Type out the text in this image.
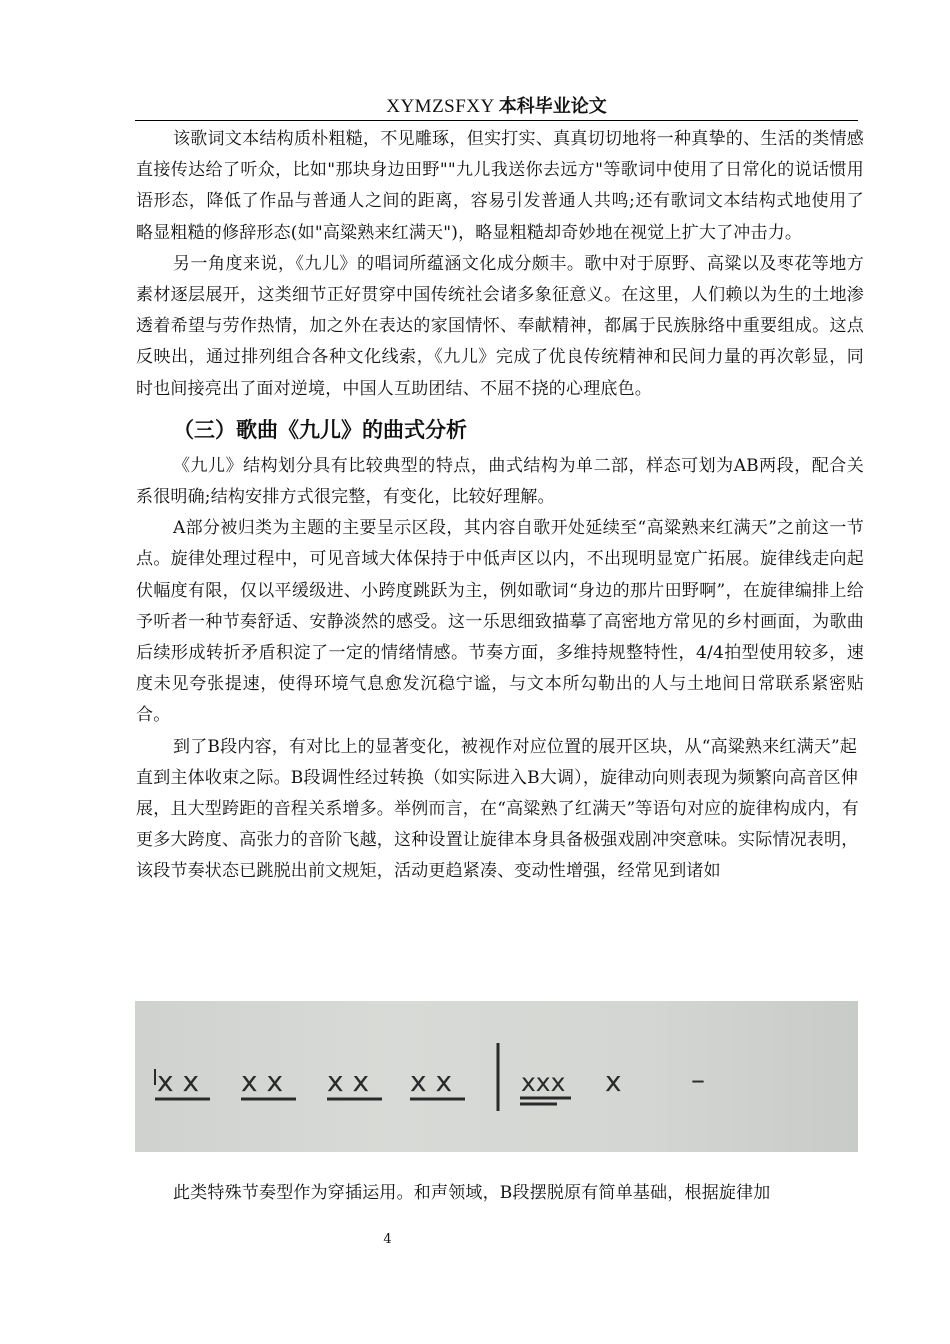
XYMZSFXY 本科毕业论文

该歌词文本结构质朴粗糙，不见雕琢，但实打实、真真切切地将一种真挚的、生活的类情感直接传达给了听众，比如"那块身边田野""九儿我送你去远方"等歌词中使用了日常化的说话惯用语形态，降低了作品与普通人之间的距离，容易引发普通人共鸣;还有歌词文本结构式地使用了略显粗糙的修辞形态(如"高粱熟来红满天")，略显粗糙却奇妙地在视觉上扩大了冲击力。

另一角度来说，《九儿》的唱词所蕴涵文化成分颇丰。歌中对于原野、高粱以及枣花等地方素材逐层展开，这类细节正好贯穿中国传统社会诸多象征意义。在这里，人们赖以为生的土地渗透着希望与劳作热情，加之外在表达的家国情怀、奉献精神，都属于民族脉络中重要组成。这点反映出，通过排列组合各种文化线索，《九儿》完成了优良传统精神和民间力量的再次彰显，同时也间接亮出了面对逆境，中国人互助团结、不屈不挠的心理底色。

（三）歌曲《九儿》的曲式分析

《九儿》结构划分具有比较典型的特点，曲式结构为单二部，样态可划为AB两段，配合关系很明确;结构安排方式很完整，有变化，比较好理解。

A部分被归类为主题的主要呈示区段，其内容自歌开处延续至“高粱熟来红满天”之前这一节点。旋律处理过程中，可见音域大体保持于中低声区以内，不出现明显宽广拓展。旋律线走向起伏幅度有限，仅以平缓级进、小跨度跳跃为主，例如歌词“身边的那片田野啊”，在旋律编排上给予听者一种节奏舒适、安静淡然的感受。这一乐思细致描摹了高密地方常见的乡村画面，为歌曲后续形成转折矛盾积淀了一定的情绪情感。节奏方面，多维持规整特性，4/4拍型使用较多，速度未见夸张提速，使得环境气息愈发沉稳宁谧，与文本所勾勒出的人与土地间日常联系紧密贴合。

到了B段内容，有对比上的显著变化，被视作对应位置的展开区块，从“高粱熟来红满天”起直到主体收束之际。B段调性经过转换（如实际进入B大调），旋律动向则表现为频繁向高音区伸展，且大型跨距的音程关系增多。举例而言，在“高粱熟了红满天”等语句对应的旋律构成内，有更多大跨度、高张力的音阶飞越，这种设置让旋律本身具备极强戏剧冲突意味。实际情况表明，该段节奏状态已跳脱出前文规矩，活动更趋紧凑、变动性增强，经常见到诸如

x x x x x x x x	xxx x –

此类特殊节奏型作为穿插运用。和声领域，B段摆脱原有简单基础，根据旋律加

4
